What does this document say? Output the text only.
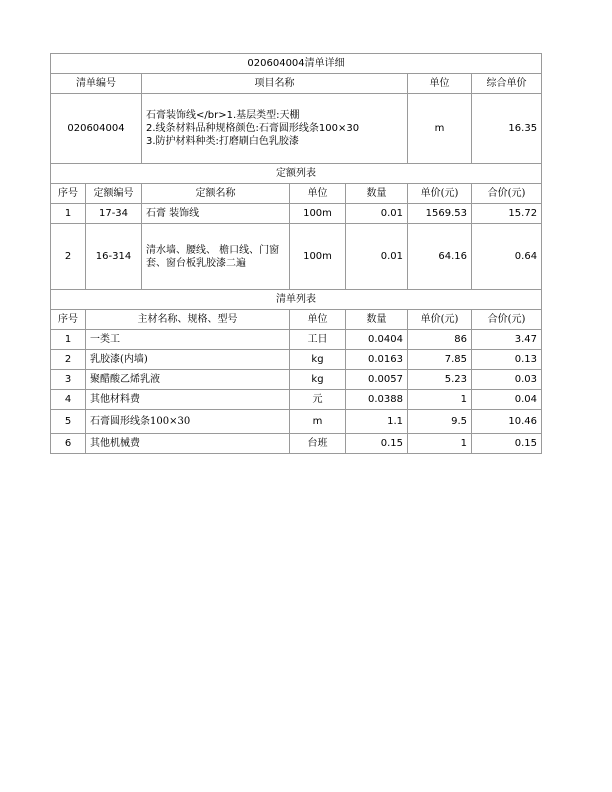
020604004清单详细						
清单编号		项目名称			单位	综合单价
020604004		石膏装饰线</br>1.基层类型:天棚
2.线条材料品种规格颜色:石膏圆形线条100×30
3.防护材料种类:打磨刷白色乳胶漆			m	16.35
定额列表						
序号	定额编号	定额名称	单位	数量	单价(元)	合价(元)
1	17-34	石膏 装饰线	100m	0.01	1569.53	15.72
2	16-314	清水墙、腰线、 檐口线、门窗套、窗台板乳胶漆二遍	100m	0.01	64.16	0.64
清单列表						
序号	主材名称、规格、型号	单位	数量	单价(元)	合价(元)
1	一类工	工日	0.0404	86	3.47
2	乳胶漆(内墙)	kg	0.0163	7.85	0.13
3	聚醋酸乙烯乳液	kg	0.0057	5.23	0.03
4	其他材料费	元	0.0388	1	0.04
5	石膏圆形线条100×30	m	1.1	9.5	10.46
6	其他机械费	台班	0.15	1	0.15
